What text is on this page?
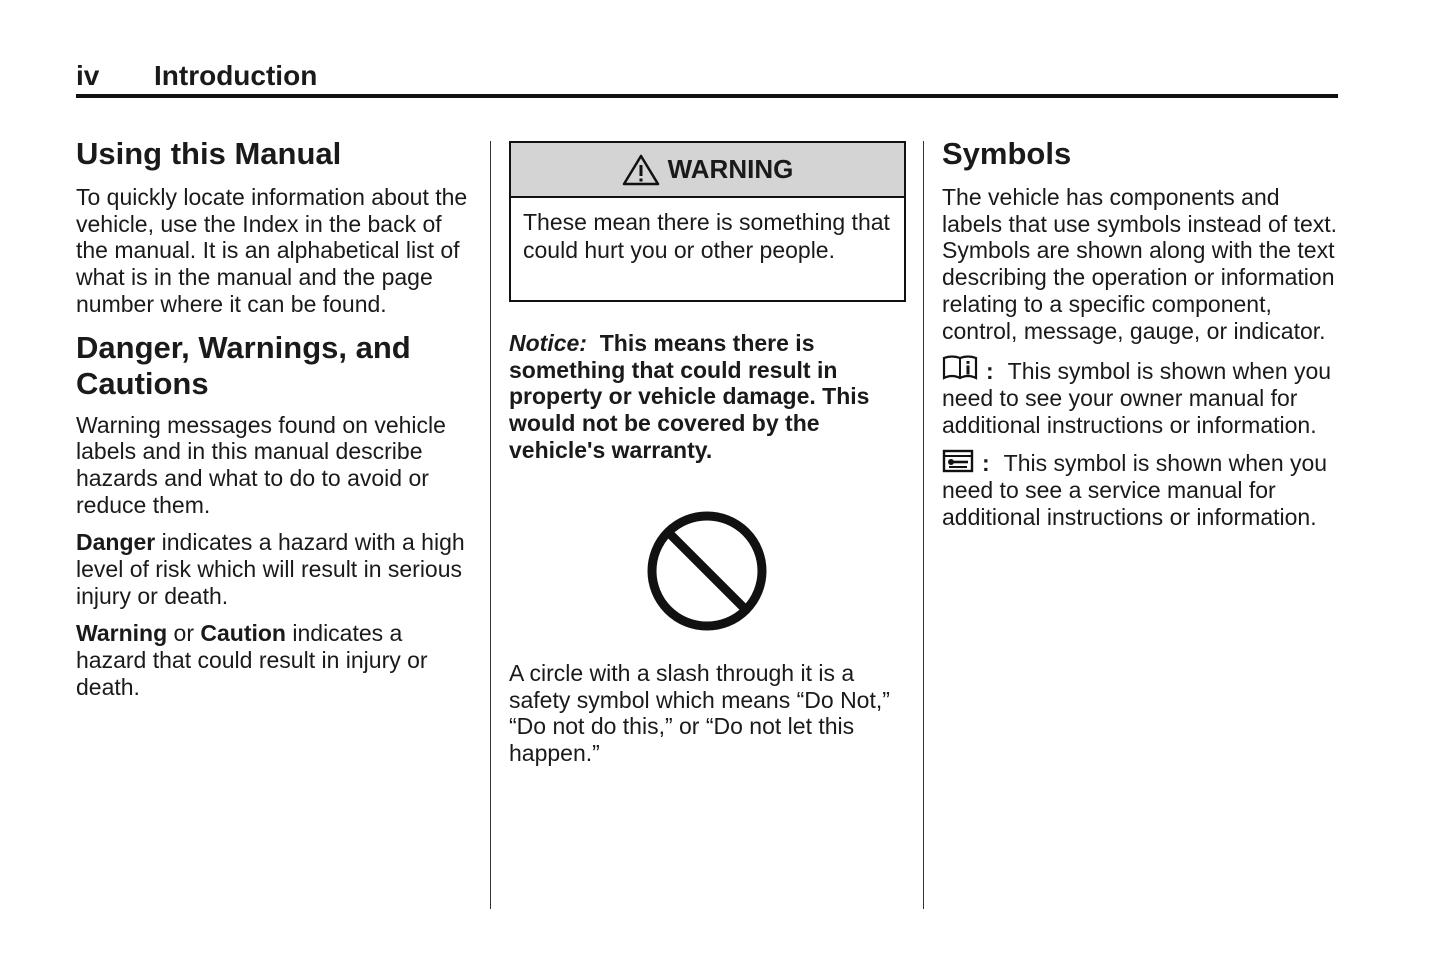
iv Introduction
Using this Manual

To quickly locate information about the vehicle, use the Index in the back of the manual. It is an alphabetical list of what is in the manual and the page number where it can be found.

Danger, Warnings, and Cautions

Warning messages found on vehicle labels and in this manual describe hazards and what to do to avoid or reduce them.

Danger indicates a hazard with a high level of risk which will result in serious injury or death.

Warning or Caution indicates a hazard that could result in injury or death.

WARNING
These mean there is something that could hurt you or other people.
Notice:  This means there is something that could result in property or vehicle damage. This would not be covered by the vehicle's warranty.
A circle with a slash through it is a safety symbol which means “Do Not,” “Do not do this,” or “Do not let this happen.”
Symbols

The vehicle has components and labels that use symbols instead of text. Symbols are shown along with the text describing the operation or information relating to a specific component, control, message, gauge, or indicator.

: This symbol is shown when you need to see your owner manual for additional instructions or information.

: This symbol is shown when you need to see a service manual for additional instructions or information.
